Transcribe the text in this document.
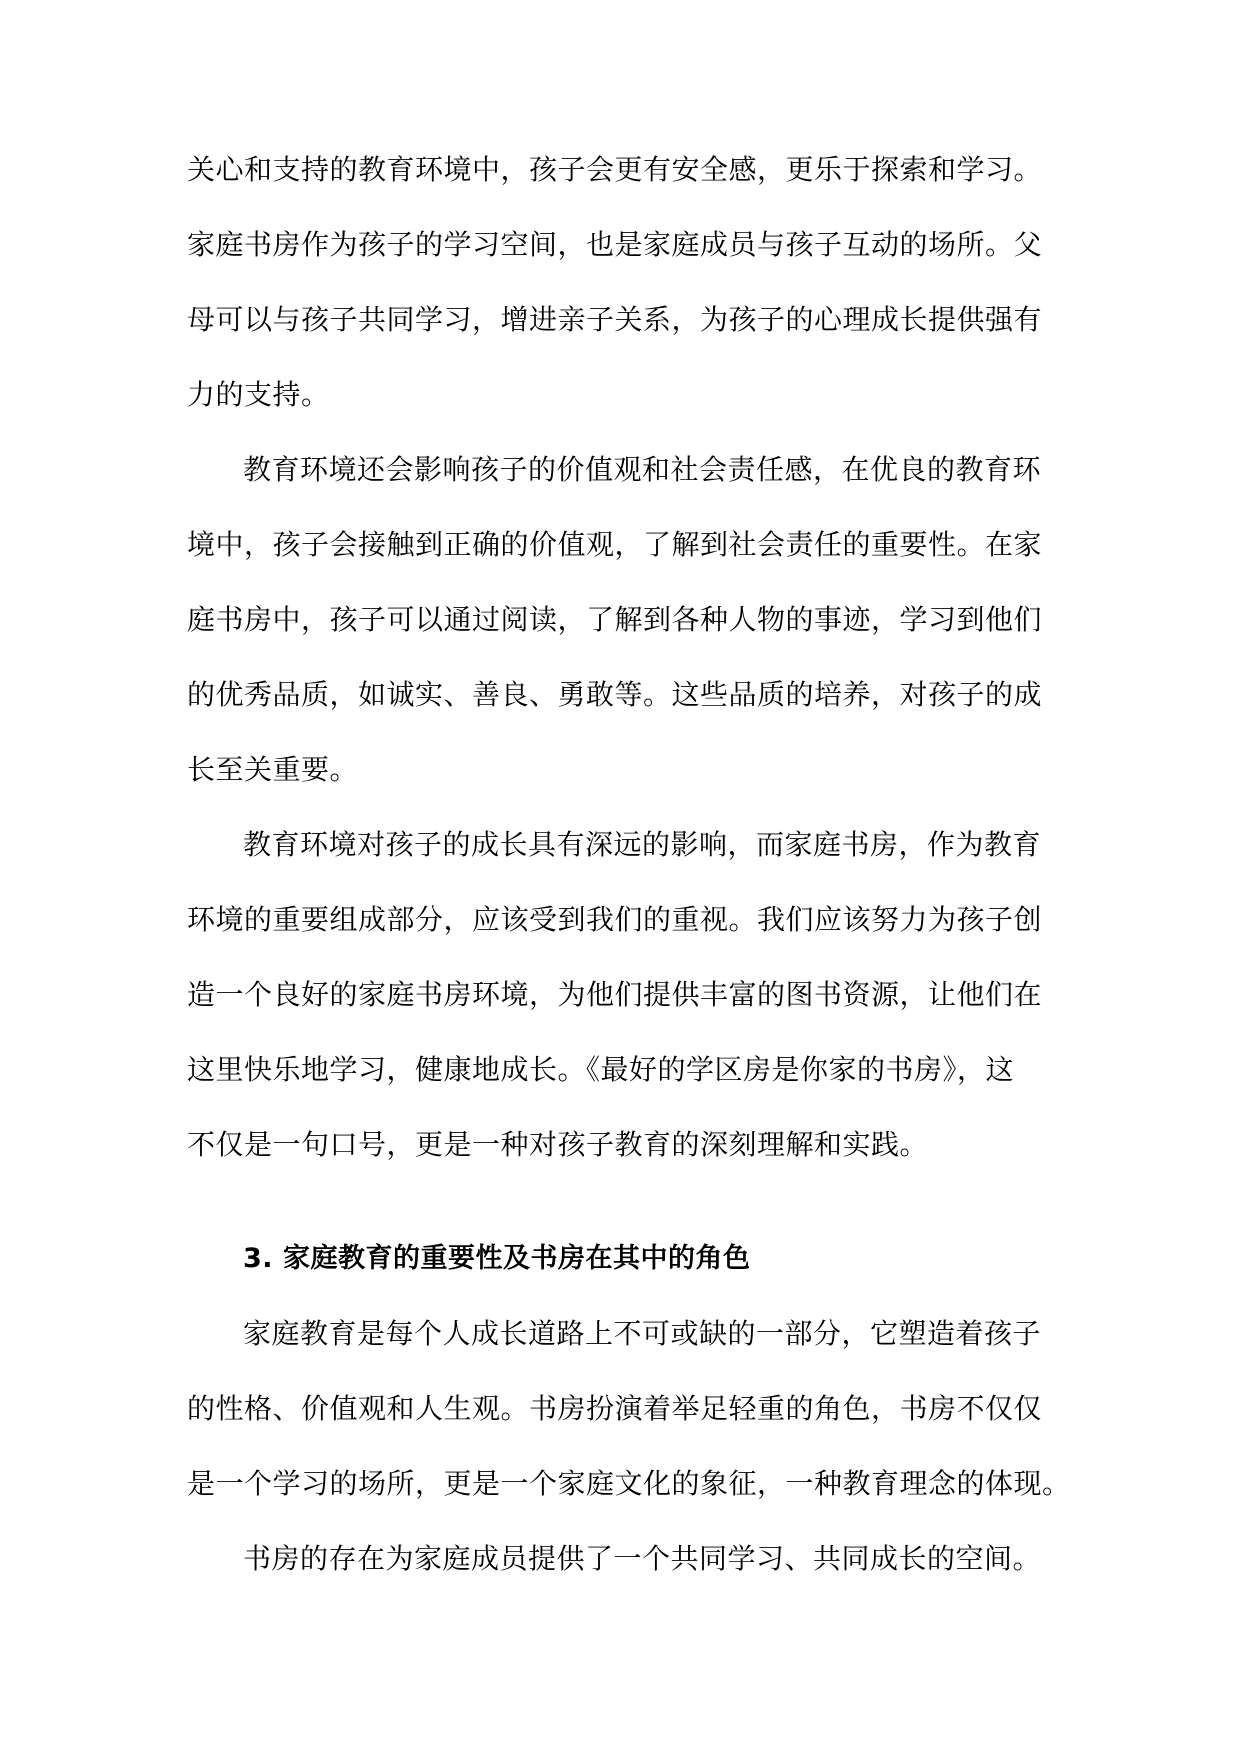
关心和支持的教育环境中，孩子会更有安全感，更乐于探索和学习。
家庭书房作为孩子的学习空间，也是家庭成员与孩子互动的场所。父
母可以与孩子共同学习，增进亲子关系，为孩子的心理成长提供强有
力的支持。
教育环境还会影响孩子的价值观和社会责任感，在优良的教育环
境中，孩子会接触到正确的价值观，了解到社会责任的重要性。在家
庭书房中，孩子可以通过阅读，了解到各种人物的事迹，学习到他们
的优秀品质，如诚实、善良、勇敢等。这些品质的培养，对孩子的成
长至关重要。
教育环境对孩子的成长具有深远的影响，而家庭书房，作为教育
环境的重要组成部分，应该受到我们的重视。我们应该努力为孩子创
造一个良好的家庭书房环境，为他们提供丰富的图书资源，让他们在
这里快乐地学习，健康地成长。《最好的学区房是你家的书房》，这
不仅是一句口号，更是一种对孩子教育的深刻理解和实践。
3. 家庭教育的重要性及书房在其中的角色
家庭教育是每个人成长道路上不可或缺的一部分，它塑造着孩子
的性格、价值观和人生观。书房扮演着举足轻重的角色，书房不仅仅
是一个学习的场所，更是一个家庭文化的象征，一种教育理念的体现。
书房的存在为家庭成员提供了一个共同学习、共同成长的空间。
